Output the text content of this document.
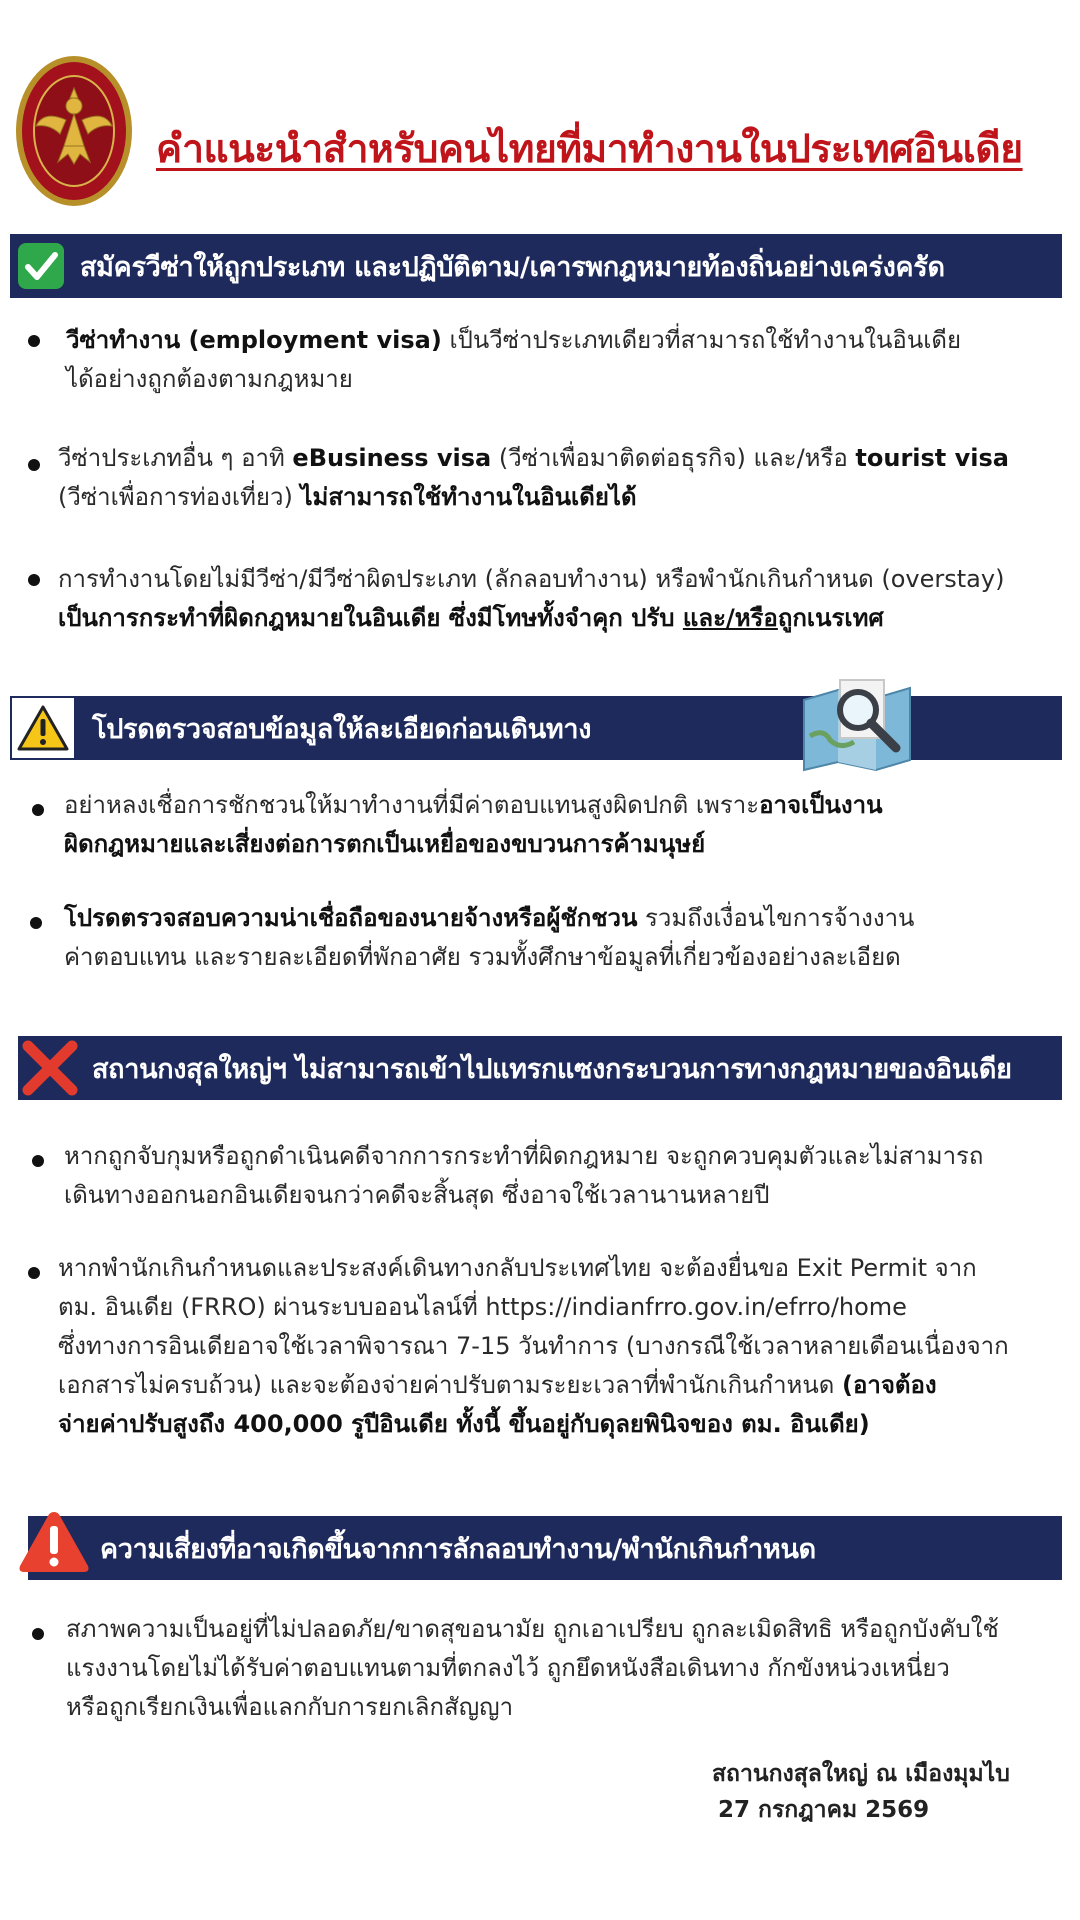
คำแนะนำสำหรับคนไทยที่มาทำงานในประเทศอินเดีย
สมัครวีซ่าให้ถูกประเภท และปฏิบัติตาม/เคารพกฎหมายท้องถิ่นอย่างเคร่งครัด
วีซ่าทำงาน (employment visa) เป็นวีซ่าประเภทเดียวที่สามารถใช้ทำงานในอินเดีย
ได้อย่างถูกต้องตามกฎหมาย
วีซ่าประเภทอื่น ๆ อาทิ eBusiness visa (วีซ่าเพื่อมาติดต่อธุรกิจ) และ/หรือ tourist visa
(วีซ่าเพื่อการท่องเที่ยว) ไม่สามารถใช้ทำงานในอินเดียได้
การทำงานโดยไม่มีวีซ่า/มีวีซ่าผิดประเภท (ลักลอบทำงาน) หรือพำนักเกินกำหนด (overstay)
เป็นการกระทำที่ผิดกฎหมายในอินเดีย ซึ่งมีโทษทั้งจำคุก ปรับ และ/หรือถูกเนรเทศ
โปรดตรวจสอบข้อมูลให้ละเอียดก่อนเดินทาง
อย่าหลงเชื่อการชักชวนให้มาทำงานที่มีค่าตอบแทนสูงผิดปกติ เพราะอาจเป็นงาน
ผิดกฎหมายและเสี่ยงต่อการตกเป็นเหยื่อของขบวนการค้ามนุษย์
โปรดตรวจสอบความน่าเชื่อถือของนายจ้างหรือผู้ชักชวน รวมถึงเงื่อนไขการจ้างงาน
ค่าตอบแทน และรายละเอียดที่พักอาศัย รวมทั้งศึกษาข้อมูลที่เกี่ยวข้องอย่างละเอียด
สถานกงสุลใหญ่ฯ ไม่สามารถเข้าไปแทรกแซงกระบวนการทางกฎหมายของอินเดีย
หากถูกจับกุมหรือถูกดำเนินคดีจากการกระทำที่ผิดกฎหมาย จะถูกควบคุมตัวและไม่สามารถ
เดินทางออกนอกอินเดียจนกว่าคดีจะสิ้นสุด ซึ่งอาจใช้เวลานานหลายปี
หากพำนักเกินกำหนดและประสงค์เดินทางกลับประเทศไทย จะต้องยื่นขอ Exit Permit จาก
ตม. อินเดีย (FRRO) ผ่านระบบออนไลน์ที่ https://indianfrro.gov.in/efrro/home
ซึ่งทางการอินเดียอาจใช้เวลาพิจารณา 7-15 วันทำการ (บางกรณีใช้เวลาหลายเดือนเนื่องจาก
เอกสารไม่ครบถ้วน) และจะต้องจ่ายค่าปรับตามระยะเวลาที่พำนักเกินกำหนด (อาจต้อง
จ่ายค่าปรับสูงถึง 400,000 รูปีอินเดีย ทั้งนี้ ขึ้นอยู่กับดุลยพินิจของ ตม. อินเดีย)
ความเสี่ยงที่อาจเกิดขึ้นจากการลักลอบทำงาน/พำนักเกินกำหนด
สภาพความเป็นอยู่ที่ไม่ปลอดภัย/ขาดสุขอนามัย ถูกเอาเปรียบ ถูกละเมิดสิทธิ หรือถูกบังคับใช้
แรงงานโดยไม่ได้รับค่าตอบแทนตามที่ตกลงไว้ ถูกยึดหนังสือเดินทาง กักขังหน่วงเหนี่ยว
หรือถูกเรียกเงินเพื่อแลกกับการยกเลิกสัญญา
สถานกงสุลใหญ่ ณ เมืองมุมไบ
27 กรกฎาคม 2569
